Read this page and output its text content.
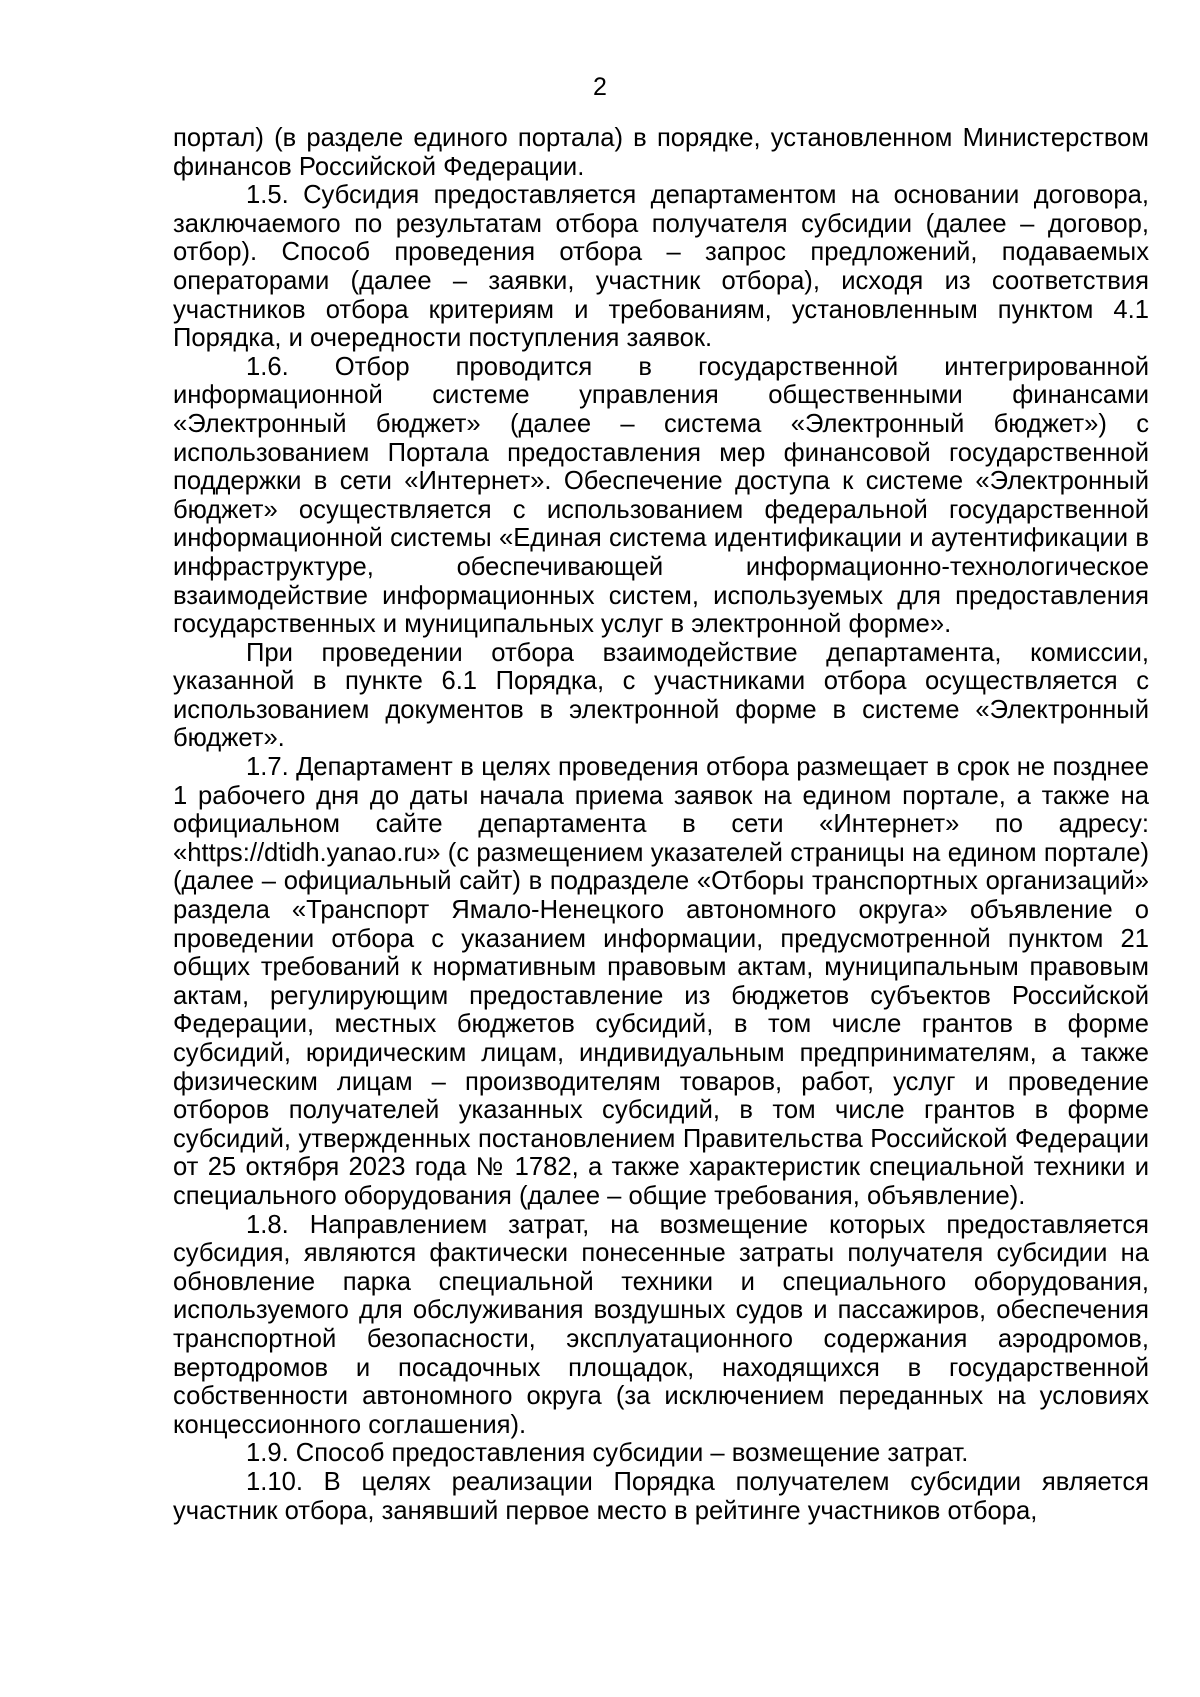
2

портал) (в разделе единого портала) в порядке, установленном Министерством финансов Российской Федерации.

1.5. Субсидия предоставляется департаментом на основании договора, заключаемого по результатам отбора получателя субсидии (далее – договор, отбор). Способ проведения отбора – запрос предложений, подаваемых операторами (далее – заявки, участник отбора), исходя из соответствия участников отбора критериям и требованиям, установленным пунктом 4.1 Порядка, и очередности поступления заявок.

1.6. Отбор проводится в государственной интегрированной информационной системе управления общественными финансами «Электронный бюджет» (далее – система «Электронный бюджет») с использованием Портала предоставления мер финансовой государственной поддержки в сети «Интернет». Обеспечение доступа к системе «Электронный бюджет» осуществляется с использованием федеральной государственной информационной системы «Единая система идентификации и аутентификации в инфраструктуре, обеспечивающей информационно-технологическое взаимодействие информационных систем, используемых для предоставления государственных и муниципальных услуг в электронной форме».

При проведении отбора взаимодействие департамента, комиссии, указанной в пункте 6.1 Порядка, с участниками отбора осуществляется с использованием документов в электронной форме в системе «Электронный бюджет».

1.7. Департамент в целях проведения отбора размещает в срок не позднее 1 рабочего дня до даты начала приема заявок на едином портале, а также на официальном сайте департамента в сети «Интернет» по адресу: «https://dtidh.yanao.ru» (с размещением указателей страницы на едином портале) (далее – официальный сайт) в подразделе «Отборы транспортных организаций» раздела «Транспорт Ямало-Ненецкого автономного округа» объявление о проведении отбора с указанием информации, предусмотренной пунктом 21 общих требований к нормативным правовым актам, муниципальным правовым актам, регулирующим предоставление из бюджетов субъектов Российской Федерации, местных бюджетов субсидий, в том числе грантов в форме субсидий, юридическим лицам, индивидуальным предпринимателям, а также физическим лицам – производителям товаров, работ, услуг и проведение отборов получателей указанных субсидий, в том числе грантов в форме субсидий, утвержденных постановлением Правительства Российской Федерации от 25 октября 2023 года № 1782, а также характеристик специальной техники и специального оборудования (далее – общие требования, объявление).

1.8. Направлением затрат, на возмещение которых предоставляется субсидия, являются фактически понесенные затраты получателя субсидии на обновление парка специальной техники и специального оборудования, используемого для обслуживания воздушных судов и пассажиров, обеспечения транспортной безопасности, эксплуатационного содержания аэродромов, вертодромов и посадочных площадок, находящихся в государственной собственности автономного округа (за исключением переданных на условиях концессионного соглашения).

1.9. Способ предоставления субсидии – возмещение затрат.

1.10. В целях реализации Порядка получателем субсидии является участник отбора, занявший первое место в рейтинге участников отбора,
